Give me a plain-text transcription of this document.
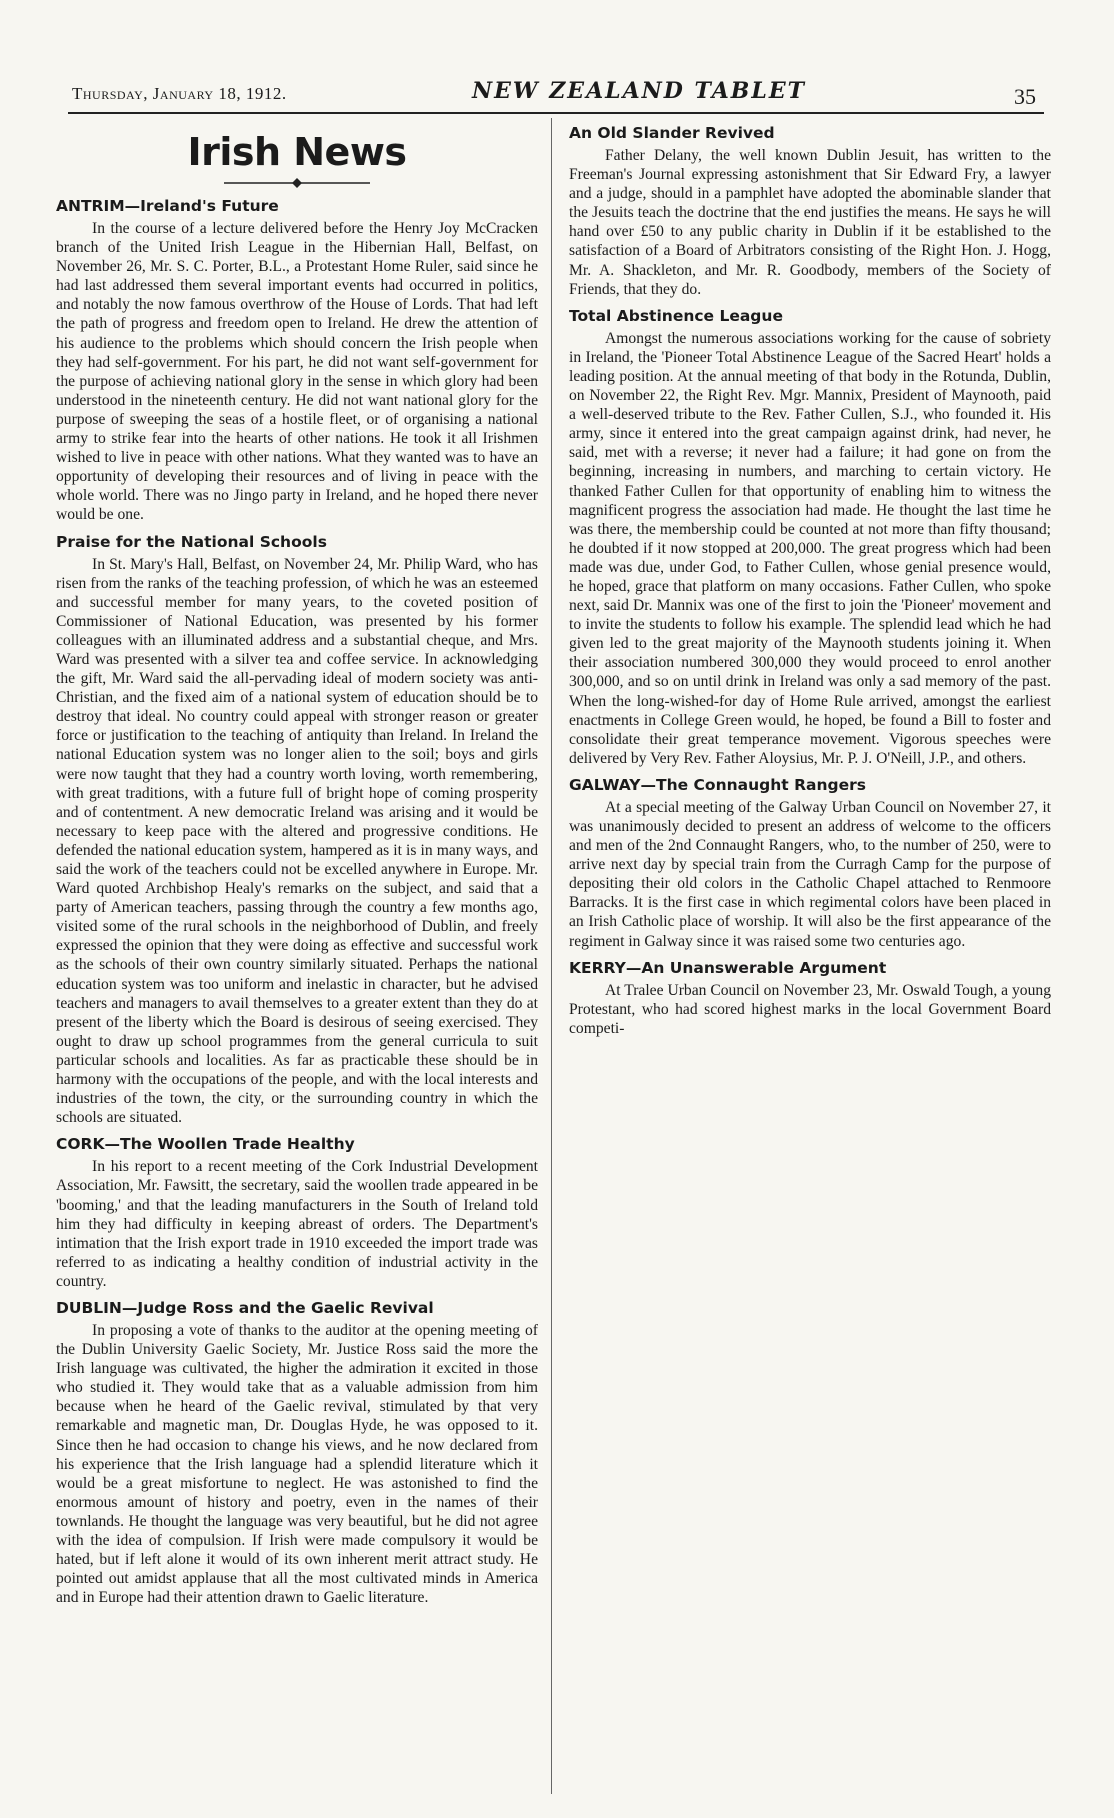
Thursday, January 18, 1912.	NEW ZEALAND TABLET	35
Irish News
ANTRIM—Ireland's Future

In the course of a lecture delivered before the Henry Joy McCracken branch of the United Irish League in the Hibernian Hall, Belfast, on November 26, Mr. S. C. Porter, B.L., a Protestant Home Ruler, said since he had last addressed them several important events had occurred in politics, and notably the now famous overthrow of the House of Lords. That had left the path of progress and freedom open to Ireland. He drew the attention of his audience to the problems which should concern the Irish people when they had self-government. For his part, he did not want self-government for the purpose of achieving national glory in the sense in which glory had been understood in the nineteenth century. He did not want national glory for the purpose of sweeping the seas of a hostile fleet, or of organising a national army to strike fear into the hearts of other nations. He took it all Irishmen wished to live in peace with other nations. What they wanted was to have an opportunity of developing their resources and of living in peace with the whole world. There was no Jingo party in Ireland, and he hoped there never would be one.

Praise for the National Schools

In St. Mary's Hall, Belfast, on November 24, Mr. Philip Ward, who has risen from the ranks of the teaching profession, of which he was an esteemed and successful member for many years, to the coveted position of Commissioner of National Education, was presented by his former colleagues with an illuminated address and a substantial cheque, and Mrs. Ward was presented with a silver tea and coffee service. In acknowledging the gift, Mr. Ward said the all-pervading ideal of modern society was anti-Christian, and the fixed aim of a national system of education should be to destroy that ideal. No country could appeal with stronger reason or greater force or justification to the teaching of antiquity than Ireland. In Ireland the national Education system was no longer alien to the soil; boys and girls were now taught that they had a country worth loving, worth remembering, with great traditions, with a future full of bright hope of coming prosperity and of contentment. A new democratic Ireland was arising and it would be necessary to keep pace with the altered and progressive conditions. He defended the national education system, hampered as it is in many ways, and said the work of the teachers could not be excelled anywhere in Europe. Mr. Ward quoted Archbishop Healy's remarks on the subject, and said that a party of American teachers, passing through the country a few months ago, visited some of the rural schools in the neighborhood of Dublin, and freely expressed the opinion that they were doing as effective and successful work as the schools of their own country similarly situated. Perhaps the national education system was too uniform and inelastic in character, but he advised teachers and managers to avail themselves to a greater extent than they do at present of the liberty which the Board is desirous of seeing exercised. They ought to draw up school programmes from the general curricula to suit particular schools and localities. As far as practicable these should be in harmony with the occupations of the people, and with the local interests and industries of the town, the city, or the surrounding country in which the schools are situated.

CORK—The Woollen Trade Healthy

In his report to a recent meeting of the Cork Industrial Development Association, Mr. Fawsitt, the secretary, said the woollen trade appeared in be 'booming,' and that the leading manufacturers in the South of Ireland told him they had difficulty in keeping abreast of orders. The Department's intimation that the Irish export trade in 1910 exceeded the import trade was referred to as indicating a healthy condition of industrial activity in the country.

DUBLIN—Judge Ross and the Gaelic Revival

In proposing a vote of thanks to the auditor at the opening meeting of the Dublin University Gaelic Society, Mr. Justice Ross said the more the Irish language was cultivated, the higher the admiration it excited in those who studied it. They would take that as a valuable admission from him because when he heard of the Gaelic revival, stimulated by that very remarkable and magnetic man, Dr. Douglas Hyde, he was opposed to it. Since then he had occasion to change his views, and he now declared from his experience that the Irish language had a splendid literature which it would be a great misfortune to neglect. He was astonished to find the enormous amount of history and poetry, even in the names of their townlands. He thought the language was very beautiful, but he did not agree with the idea of compulsion. If Irish were made compulsory it would be hated, but if left alone it would of its own inherent merit attract study. He pointed out amidst applause that all the most cultivated minds in America and in Europe had their attention drawn to Gaelic literature.

An Old Slander Revived

Father Delany, the well known Dublin Jesuit, has written to the Freeman's Journal expressing astonishment that Sir Edward Fry, a lawyer and a judge, should in a pamphlet have adopted the abominable slander that the Jesuits teach the doctrine that the end justifies the means. He says he will hand over £50 to any public charity in Dublin if it be established to the satisfaction of a Board of Arbitrators consisting of the Right Hon. J. Hogg, Mr. A. Shackleton, and Mr. R. Goodbody, members of the Society of Friends, that they do.

Total Abstinence League

Amongst the numerous associations working for the cause of sobriety in Ireland, the 'Pioneer Total Abstinence League of the Sacred Heart' holds a leading position. At the annual meeting of that body in the Rotunda, Dublin, on November 22, the Right Rev. Mgr. Mannix, President of Maynooth, paid a well-deserved tribute to the Rev. Father Cullen, S.J., who founded it. His army, since it entered into the great campaign against drink, had never, he said, met with a reverse; it never had a failure; it had gone on from the beginning, increasing in numbers, and marching to certain victory. He thanked Father Cullen for that opportunity of enabling him to witness the magnificent progress the association had made. He thought the last time he was there, the membership could be counted at not more than fifty thousand; he doubted if it now stopped at 200,000. The great progress which had been made was due, under God, to Father Cullen, whose genial presence would, he hoped, grace that platform on many occasions. Father Cullen, who spoke next, said Dr. Mannix was one of the first to join the 'Pioneer' movement and to invite the students to follow his example. The splendid lead which he had given led to the great majority of the Maynooth students joining it. When their association numbered 300,000 they would proceed to enrol another 300,000, and so on until drink in Ireland was only a sad memory of the past. When the long-wished-for day of Home Rule arrived, amongst the earliest enactments in College Green would, he hoped, be found a Bill to foster and consolidate their great temperance movement. Vigorous speeches were delivered by Very Rev. Father Aloysius, Mr. P. J. O'Neill, J.P., and others.

GALWAY—The Connaught Rangers

At a special meeting of the Galway Urban Council on November 27, it was unanimously decided to present an address of welcome to the officers and men of the 2nd Connaught Rangers, who, to the number of 250, were to arrive next day by special train from the Curragh Camp for the purpose of depositing their old colors in the Catholic Chapel attached to Renmoore Barracks. It is the first case in which regimental colors have been placed in an Irish Catholic place of worship. It will also be the first appearance of the regiment in Galway since it was raised some two centuries ago.

KERRY—An Unanswerable Argument

At Tralee Urban Council on November 23, Mr. Oswald Tough, a young Protestant, who had scored highest marks in the local Government Board competi-
